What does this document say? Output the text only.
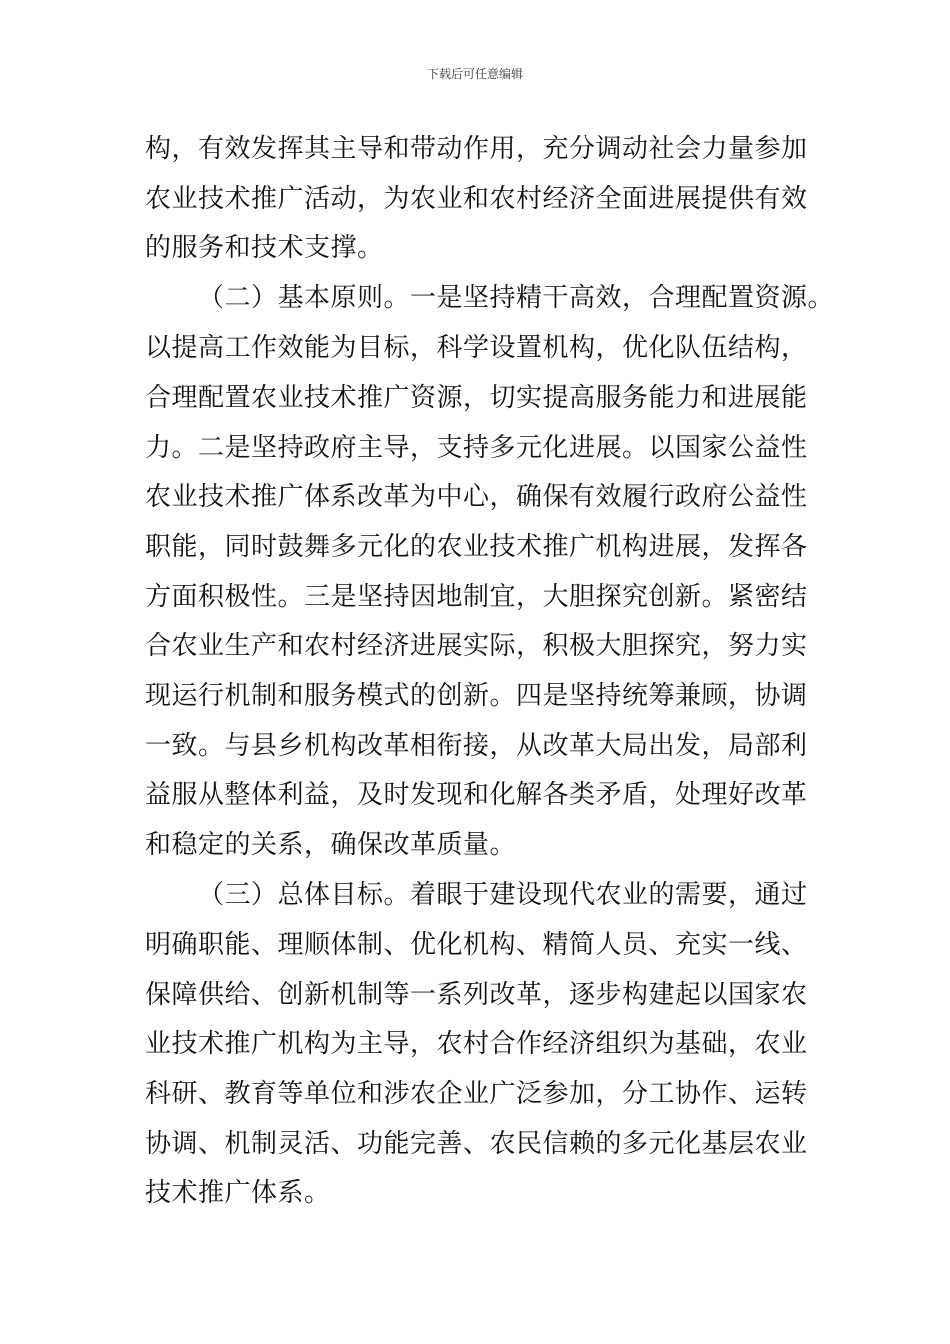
下载后可任意编辑
构，有效发挥其主导和带动作用，充分调动社会力量参加
农业技术推广活动，为农业和农村经济全面进展提供有效
的服务和技术支撑。
（二）基本原则。一是坚持精干高效，合理配置资源。
以提高工作效能为目标，科学设置机构，优化队伍结构，
合理配置农业技术推广资源，切实提高服务能力和进展能
力。二是坚持政府主导，支持多元化进展。以国家公益性
农业技术推广体系改革为中心，确保有效履行政府公益性
职能，同时鼓舞多元化的农业技术推广机构进展，发挥各
方面积极性。三是坚持因地制宜，大胆探究创新。紧密结
合农业生产和农村经济进展实际，积极大胆探究，努力实
现运行机制和服务模式的创新。四是坚持统筹兼顾，协调
一致。与县乡机构改革相衔接，从改革大局出发，局部利
益服从整体利益，及时发现和化解各类矛盾，处理好改革
和稳定的关系，确保改革质量。
（三）总体目标。着眼于建设现代农业的需要，通过
明确职能、理顺体制、优化机构、精简人员、充实一线、
保障供给、创新机制等一系列改革，逐步构建起以国家农
业技术推广机构为主导，农村合作经济组织为基础，农业
科研、教育等单位和涉农企业广泛参加，分工协作、运转
协调、机制灵活、功能完善、农民信赖的多元化基层农业
技术推广体系。
